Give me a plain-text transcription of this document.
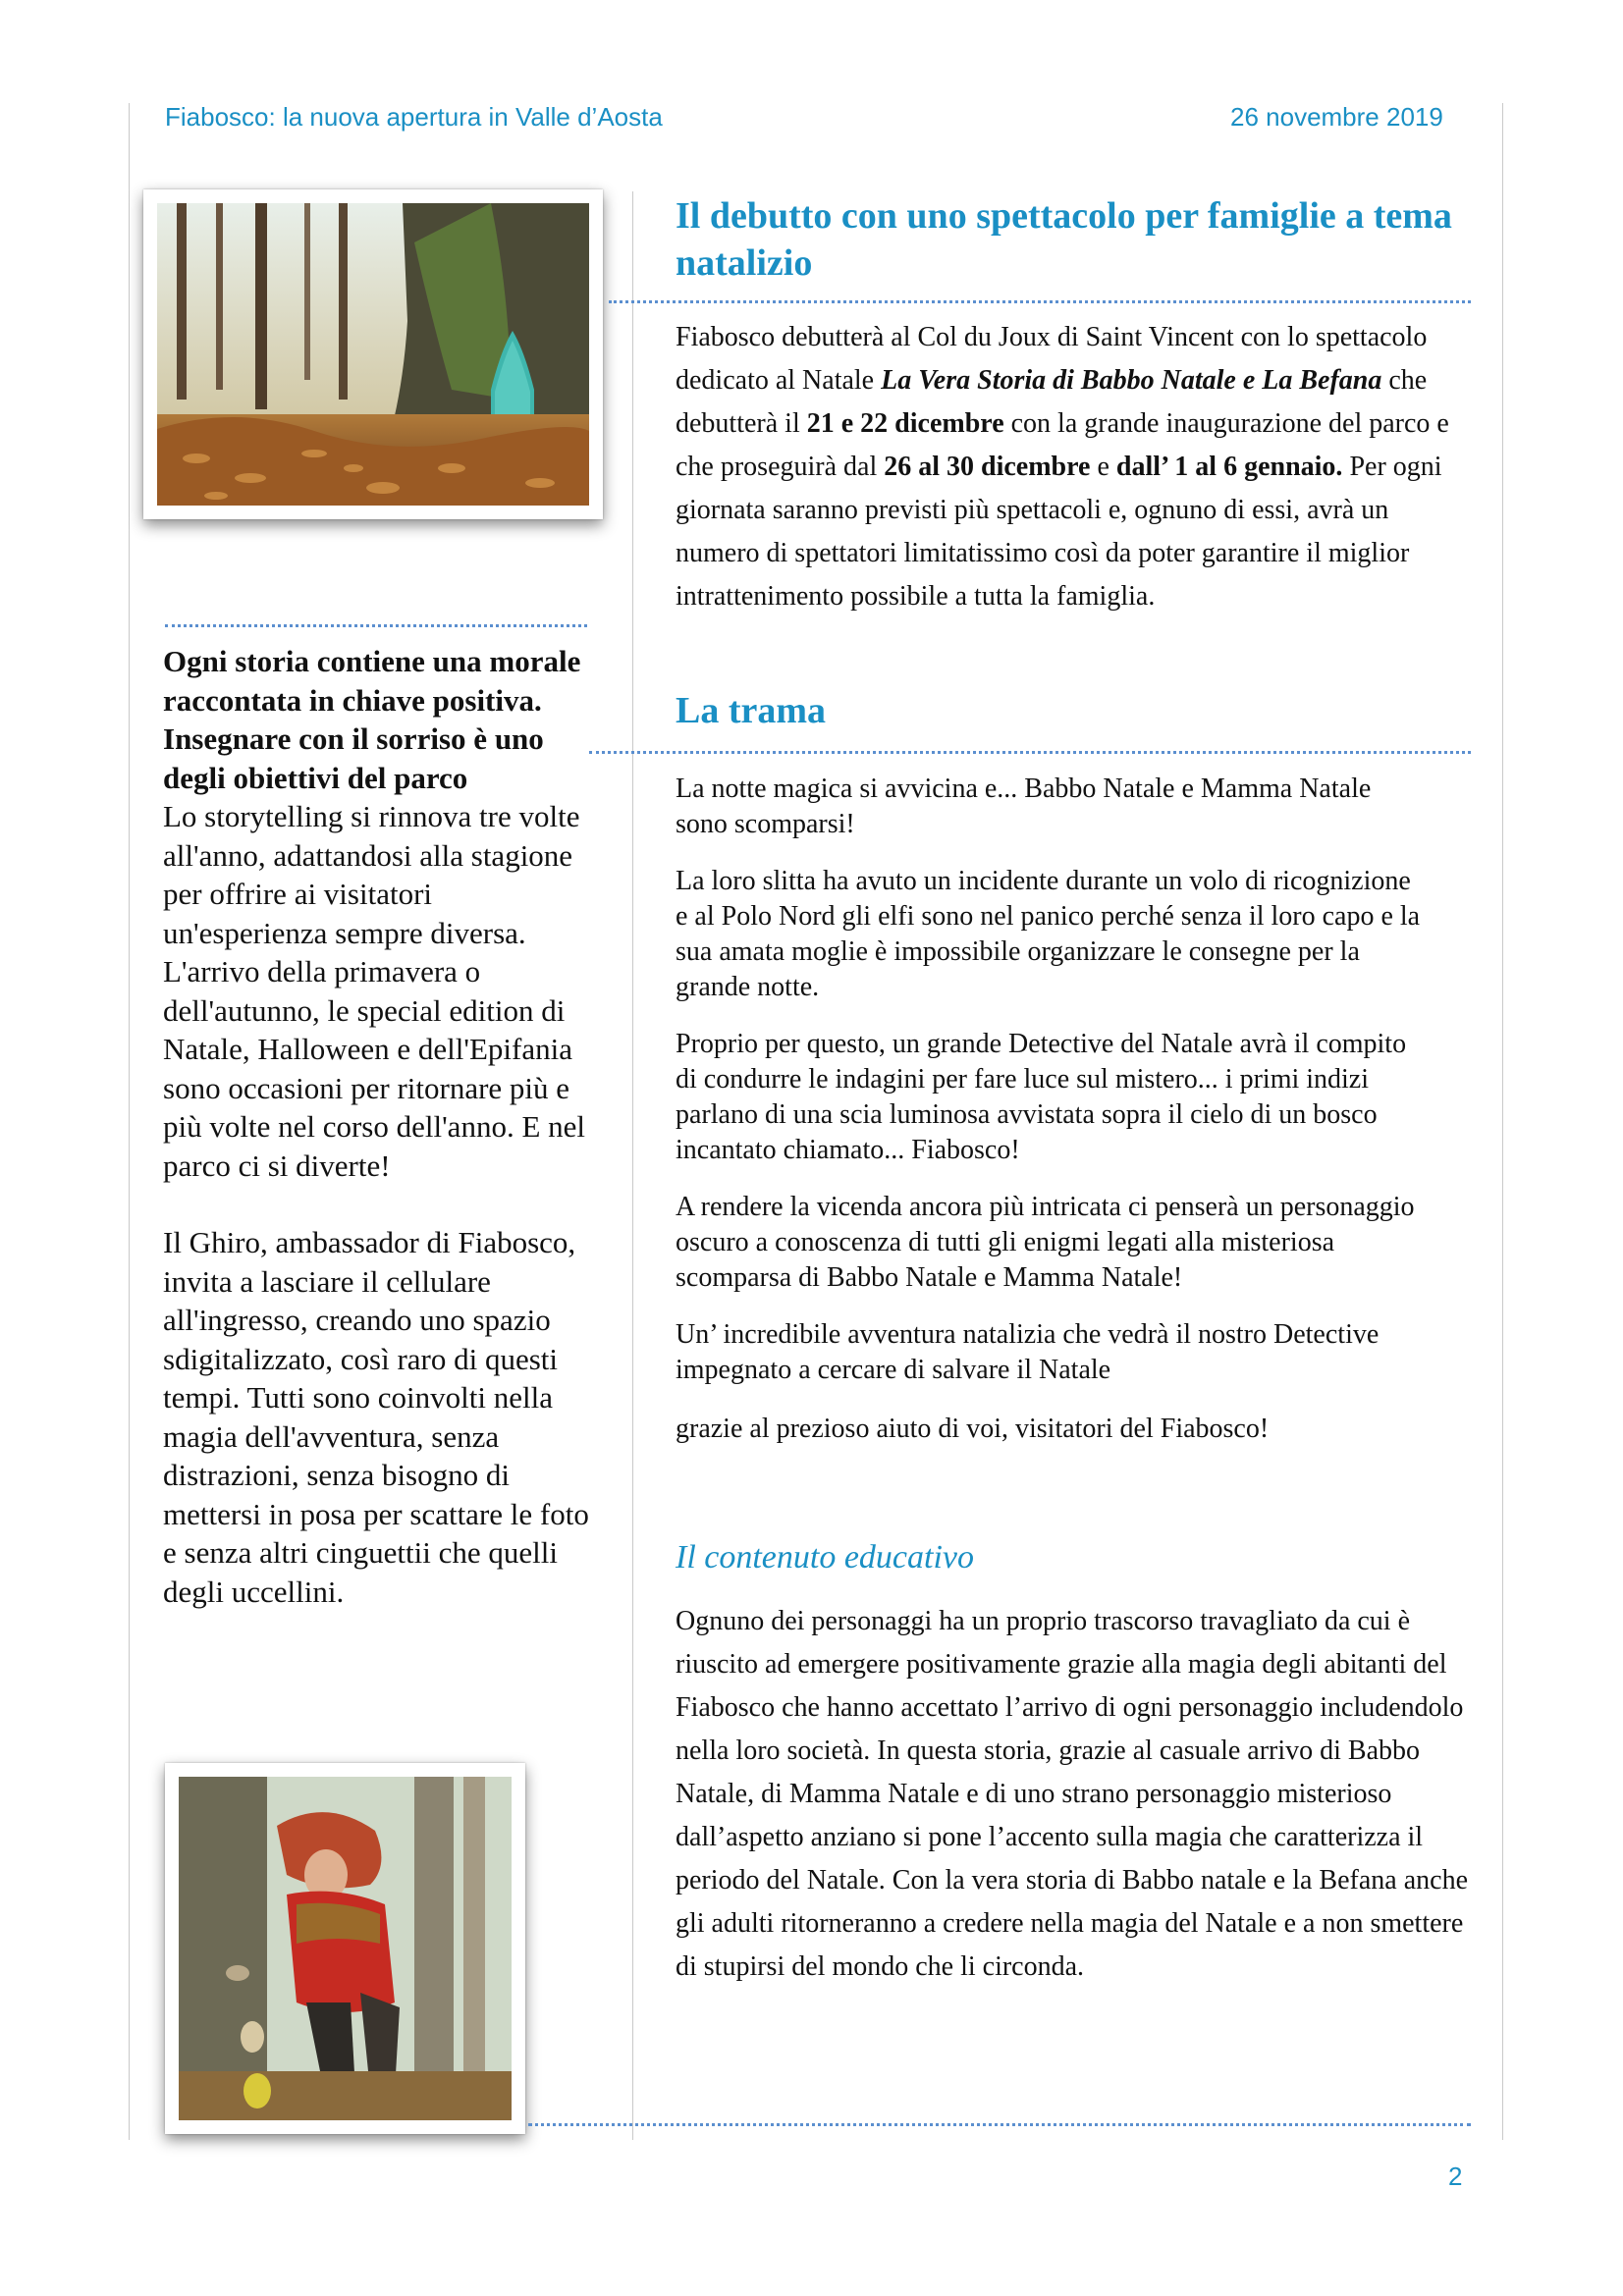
Fiabosco: la nuova apertura in Valle d’Aosta	26 novembre 2019

Ogni storia contiene una morale raccontata in chiave positiva. Insegnare con il sorriso è uno degli obiettivi del parco

Lo storytelling si rinnova tre volte all'anno, adattandosi alla stagione per offrire ai visitatori un'esperienza sempre diversa. L'arrivo della primavera o dell'autunno, le special edition di Natale, Halloween e dell'Epifania sono occasioni per ritornare più e più volte nel corso dell'anno. E nel parco ci si diverte!

Il Ghiro, ambassador di Fiabosco, invita a lasciare il cellulare all'ingresso, creando uno spazio sdigitalizzato, così raro di questi tempi. Tutti sono coinvolti nella magia dell'avventura, senza distrazioni, senza bisogno di mettersi in posa per scattare le foto e senza altri cinguettii che quelli degli uccellini.

Il debutto con uno spettacolo per famiglie a tema natalizio
Fiabosco debutterà al Col du Joux di Saint Vincent con lo spettacolo dedicato al Natale La Vera Storia di Babbo Natale e La Befana che debutterà il 21 e 22 dicembre con la grande inaugurazione del parco e che proseguirà dal 26 al 30 dicembre e dall’ 1 al 6 gennaio. Per ogni giornata saranno previsti più spettacoli e, ognuno di essi, avrà un numero di spettatori limitatissimo così da poter garantire il miglior intrattenimento possibile a tutta la famiglia.
La trama

La notte magica si avvicina e... Babbo Natale e Mamma Natale sono scomparsi!

La loro slitta ha avuto un incidente durante un volo di ricognizione e al Polo Nord gli elfi sono nel panico perché senza il loro capo e la sua amata moglie è impossibile organizzare le consegne per la grande notte.

Proprio per questo, un grande Detective del Natale avrà il compito di condurre le indagini per fare luce sul mistero... i primi indizi parlano di una scia luminosa avvistata sopra il cielo di un bosco incantato chiamato... Fiabosco!

A rendere la vicenda ancora più intricata ci penserà un personaggio oscuro a conoscenza di tutti gli enigmi legati alla misteriosa scomparsa di Babbo Natale e Mamma Natale!

Un’ incredibile avventura natalizia che vedrà il nostro Detective impegnato a cercare di salvare il Natale

grazie al prezioso aiuto di voi, visitatori del Fiabosco!

Il contenuto educativo
Ognuno dei personaggi ha un proprio trascorso travagliato da cui è riuscito ad emergere positivamente grazie alla magia degli abitanti del Fiabosco che hanno accettato l’arrivo di ogni personaggio includendolo nella loro società. In questa storia, grazie al casuale arrivo di Babbo Natale, di Mamma Natale e di uno strano personaggio misterioso dall’aspetto anziano si pone l’accento sulla magia che caratterizza il periodo del Natale. Con la vera storia di Babbo natale e la Befana anche gli adulti ritorneranno a credere nella magia del Natale e a non smettere di stupirsi del mondo che li circonda.
2
